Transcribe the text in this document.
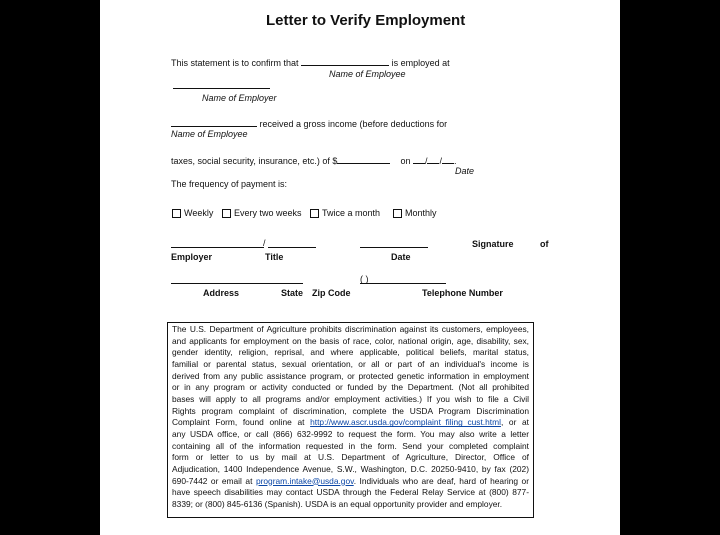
Letter to Verify Employment
This statement is to confirm that	is employed at
Name of Employee
Name of Employer
received a gross income (before deductions for
Name of Employee
taxes, social security, insurance, etc.) of $	on / / .
Date
The frequency of payment is:
Weekly	Every two weeks	Twice a month	Monthly
/	Signature	of
Employer	Title	Date
( )
Address	State Zip Code	Telephone Number
The U.S. Department of Agriculture prohibits discrimination against its customers, employees,
and applicants for employment on the basis of race, color, national origin, age, disability, sex,
gender identity, religion, reprisal, and where applicable, political beliefs, marital status,
familial or parental status, sexual orientation, or all or part of an individual's income is
derived from any public assistance program, or protected genetic information in employment
or in any program or activity conducted or funded by the Department. (Not all prohibited
bases will apply to all programs and/or employment activities.) If you wish to file a Civil
Rights program complaint of discrimination, complete the USDA Program Discrimination
Complaint Form, found online at http://www.ascr.usda.gov/complaint_filing_cust.html, or at
any USDA office, or call (866) 632-9992 to request the form. You may also write a letter
containing all of the information requested in the form. Send your completed complaint
form or letter to us by mail at U.S. Department of Agriculture, Director, Office of
Adjudication, 1400 Independence Avenue, S.W., Washington, D.C. 20250-9410, by fax (202)
690-7442 or email at program.intake@usda.gov. Individuals who are deaf, hard of hearing or
have speech disabilities may contact USDA through the Federal Relay Service at (800) 877-
8339; or (800) 845-6136 (Spanish). USDA is an equal opportunity provider and employer.
